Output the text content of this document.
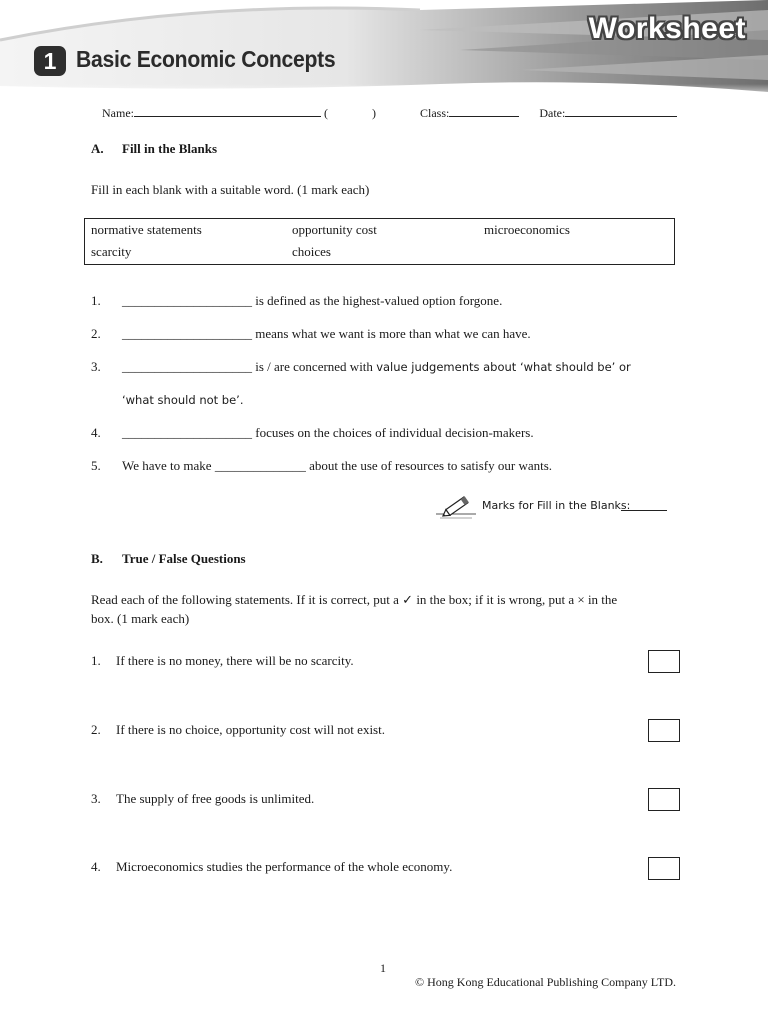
1 Basic Economic Concepts
Worksheet
Name:	(	)	Class:	Date:
A. Fill in the Blanks
Fill in each blank with a suitable word. (1 mark each)
normative statements	opportunity cost	microeconomics
scarcity	choices
1. ____________________ is defined as the highest-valued option forgone.
2. ____________________ means what we want is more than what we can have.
3. ____________________ is / are concerned with value judgements about ‘what should be’ or
‘what should not be’.
4. ____________________ focuses on the choices of individual decision-makers.
5. We have to make ______________ about the use of resources to satisfy our wants.
Marks for Fill in the Blanks:
B. True / False Questions
Read each of the following statements. If it is correct, put a ✓ in the box; if it is wrong, put a × in the
box. (1 mark each)
1. If there is no money, there will be no scarcity.
2. If there is no choice, opportunity cost will not exist.
3. The supply of free goods is unlimited.
4. Microeconomics studies the performance of the whole economy.
1
© Hong Kong Educational Publishing Company LTD.
